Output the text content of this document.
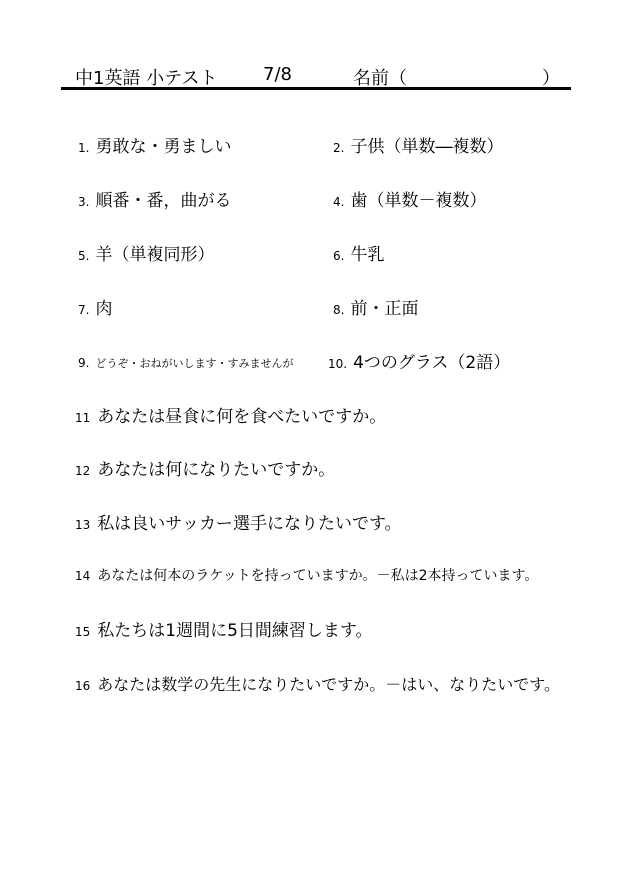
中1英語 小テスト	7/8	名前（	）
1. 勇敢な・勇ましい	2. 子供（単数―複数）
3. 順番・番，曲がる	4. 歯（単数－複数）
5. 羊（単複同形）	6. 牛乳
7. 肉	8. 前・正面
9. どうぞ・おねがいします・すみませんが	10. 4つのグラス（2語）
11 あなたは昼食に何を食べたいですか。
12 あなたは何になりたいですか。
13 私は良いサッカー選手になりたいです。
14 あなたは何本のラケットを持っていますか。－私は2本持っています。
15 私たちは1週間に5日間練習します。
16 あなたは数学の先生になりたいですか。－はい、なりたいです。
